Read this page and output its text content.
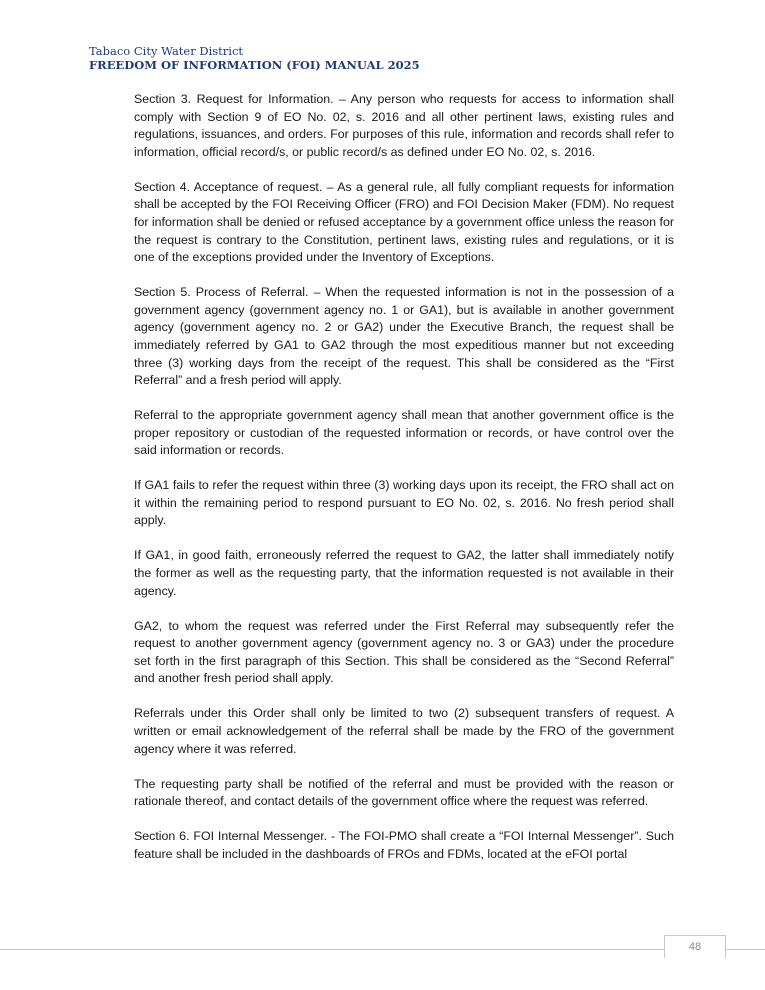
Tabaco City Water District
FREEDOM OF INFORMATION (FOI) MANUAL 2025

Section 3. Request for Information. – Any person who requests for access to information shall comply with Section 9 of EO No. 02, s. 2016 and all other pertinent laws, existing rules and regulations, issuances, and orders. For purposes of this rule, information and records shall refer to information, official record/s, or public record/s as defined under EO No. 02, s. 2016.

Section 4. Acceptance of request. – As a general rule, all fully compliant requests for information shall be accepted by the FOI Receiving Officer (FRO) and FOI Decision Maker (FDM). No request for information shall be denied or refused acceptance by a government office unless the reason for the request is contrary to the Constitution, pertinent laws, existing rules and regulations, or it is one of the exceptions provided under the Inventory of Exceptions.

Section 5. Process of Referral. – When the requested information is not in the possession of a government agency (government agency no. 1 or GA1), but is available in another government agency (government agency no. 2 or GA2) under the Executive Branch, the request shall be immediately referred by GA1 to GA2 through the most expeditious manner but not exceeding three (3) working days from the receipt of the request. This shall be considered as the “First Referral” and a fresh period will apply.

Referral to the appropriate government agency shall mean that another government office is the proper repository or custodian of the requested information or records, or have control over the said information or records.

If GA1 fails to refer the request within three (3) working days upon its receipt, the FRO shall act on it within the remaining period to respond pursuant to EO No. 02, s. 2016. No fresh period shall apply.

If GA1, in good faith, erroneously referred the request to GA2, the latter shall immediately notify the former as well as the requesting party, that the information requested is not available in their agency.

GA2, to whom the request was referred under the First Referral may subsequently refer the request to another government agency (government agency no. 3 or GA3) under the procedure set forth in the first paragraph of this Section. This shall be considered as the “Second Referral” and another fresh period shall apply.

Referrals under this Order shall only be limited to two (2) subsequent transfers of request. A written or email acknowledgement of the referral shall be made by the FRO of the government agency where it was referred.

The requesting party shall be notified of the referral and must be provided with the reason or rationale thereof, and contact details of the government office where the request was referred.

Section 6. FOI Internal Messenger. - The FOI-PMO shall create a “FOI Internal Messenger”. Such feature shall be included in the dashboards of FROs and FDMs, located at the eFOI portal

48
